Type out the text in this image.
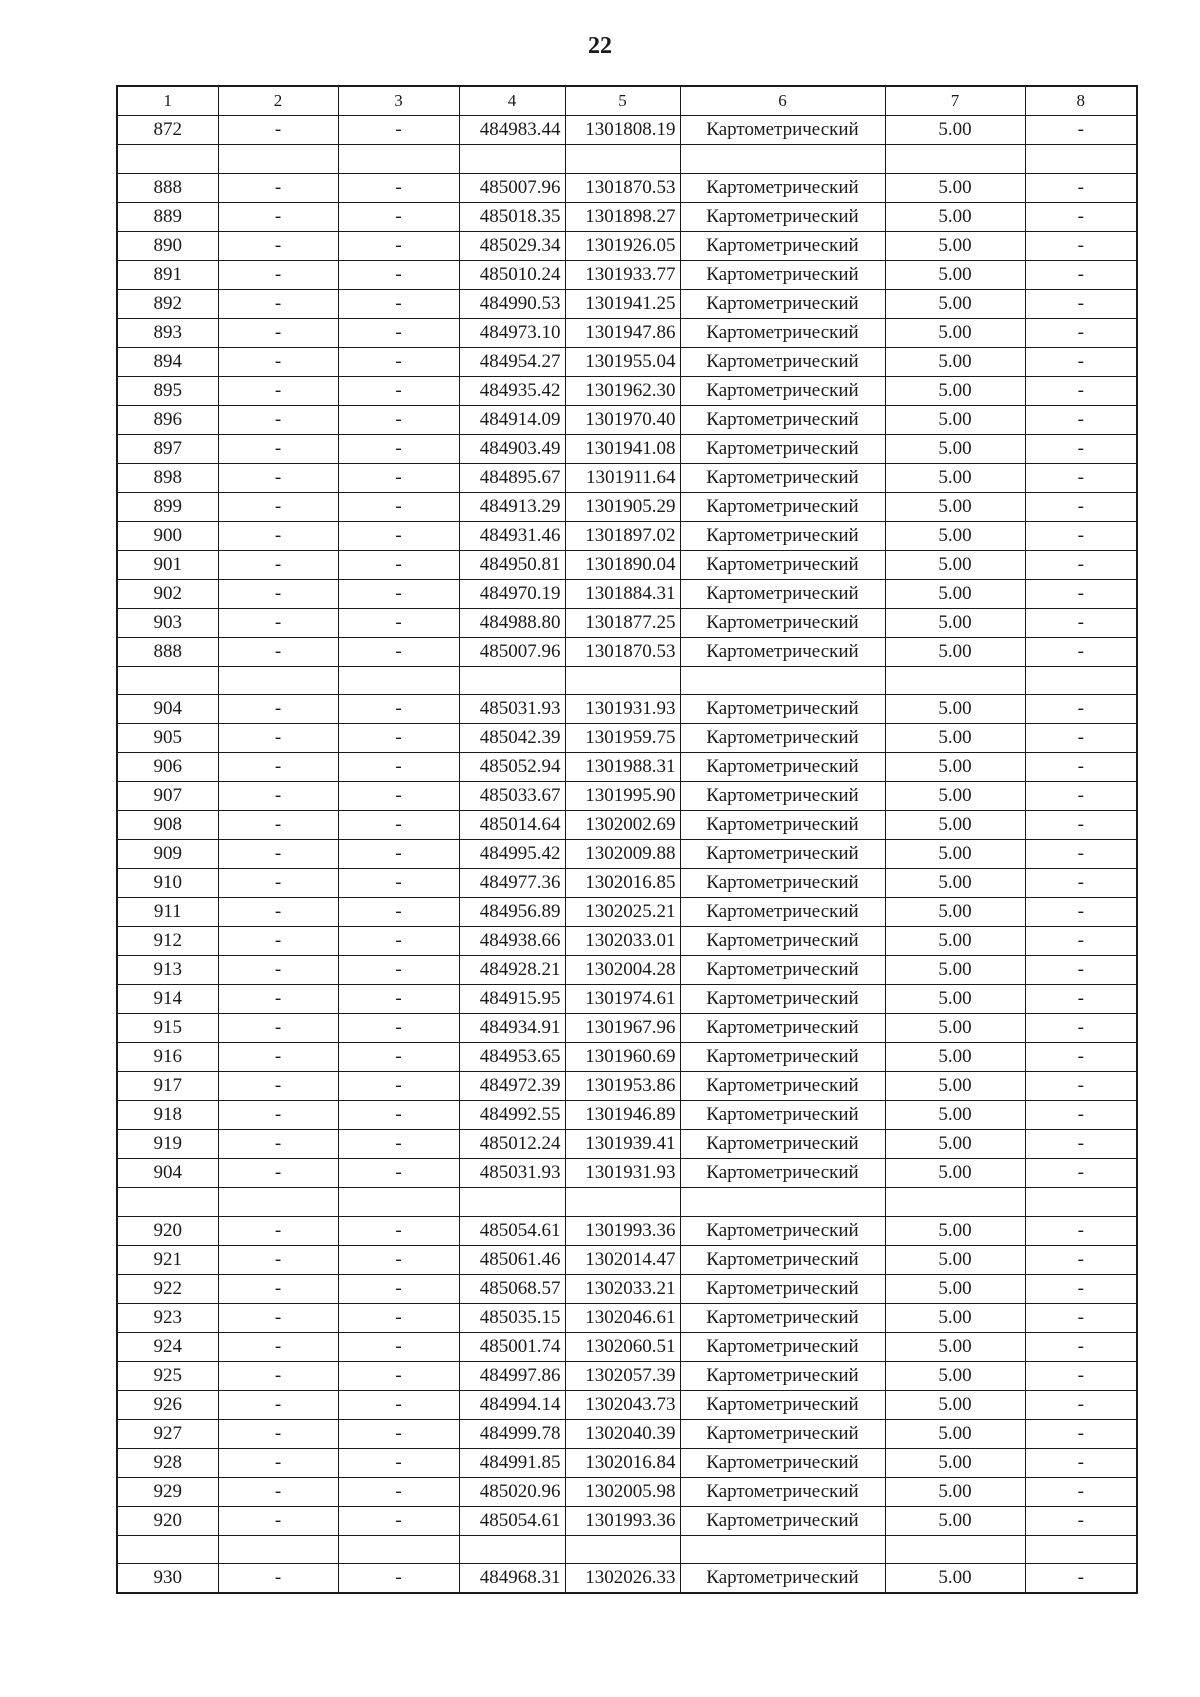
22
1	2	3	4	5	6	7	8
872	-	-	484983.44	1301808.19	Картометрический	5.00	-

888	-	-	485007.96	1301870.53	Картометрический	5.00	-
889	-	-	485018.35	1301898.27	Картометрический	5.00	-
890	-	-	485029.34	1301926.05	Картометрический	5.00	-
891	-	-	485010.24	1301933.77	Картометрический	5.00	-
892	-	-	484990.53	1301941.25	Картометрический	5.00	-
893	-	-	484973.10	1301947.86	Картометрический	5.00	-
894	-	-	484954.27	1301955.04	Картометрический	5.00	-
895	-	-	484935.42	1301962.30	Картометрический	5.00	-
896	-	-	484914.09	1301970.40	Картометрический	5.00	-
897	-	-	484903.49	1301941.08	Картометрический	5.00	-
898	-	-	484895.67	1301911.64	Картометрический	5.00	-
899	-	-	484913.29	1301905.29	Картометрический	5.00	-
900	-	-	484931.46	1301897.02	Картометрический	5.00	-
901	-	-	484950.81	1301890.04	Картометрический	5.00	-
902	-	-	484970.19	1301884.31	Картометрический	5.00	-
903	-	-	484988.80	1301877.25	Картометрический	5.00	-
888	-	-	485007.96	1301870.53	Картометрический	5.00	-

904	-	-	485031.93	1301931.93	Картометрический	5.00	-
905	-	-	485042.39	1301959.75	Картометрический	5.00	-
906	-	-	485052.94	1301988.31	Картометрический	5.00	-
907	-	-	485033.67	1301995.90	Картометрический	5.00	-
908	-	-	485014.64	1302002.69	Картометрический	5.00	-
909	-	-	484995.42	1302009.88	Картометрический	5.00	-
910	-	-	484977.36	1302016.85	Картометрический	5.00	-
911	-	-	484956.89	1302025.21	Картометрический	5.00	-
912	-	-	484938.66	1302033.01	Картометрический	5.00	-
913	-	-	484928.21	1302004.28	Картометрический	5.00	-
914	-	-	484915.95	1301974.61	Картометрический	5.00	-
915	-	-	484934.91	1301967.96	Картометрический	5.00	-
916	-	-	484953.65	1301960.69	Картометрический	5.00	-
917	-	-	484972.39	1301953.86	Картометрический	5.00	-
918	-	-	484992.55	1301946.89	Картометрический	5.00	-
919	-	-	485012.24	1301939.41	Картометрический	5.00	-
904	-	-	485031.93	1301931.93	Картометрический	5.00	-

920	-	-	485054.61	1301993.36	Картометрический	5.00	-
921	-	-	485061.46	1302014.47	Картометрический	5.00	-
922	-	-	485068.57	1302033.21	Картометрический	5.00	-
923	-	-	485035.15	1302046.61	Картометрический	5.00	-
924	-	-	485001.74	1302060.51	Картометрический	5.00	-
925	-	-	484997.86	1302057.39	Картометрический	5.00	-
926	-	-	484994.14	1302043.73	Картометрический	5.00	-
927	-	-	484999.78	1302040.39	Картометрический	5.00	-
928	-	-	484991.85	1302016.84	Картометрический	5.00	-
929	-	-	485020.96	1302005.98	Картометрический	5.00	-
920	-	-	485054.61	1301993.36	Картометрический	5.00	-

930	-	-	484968.31	1302026.33	Картометрический	5.00	-
